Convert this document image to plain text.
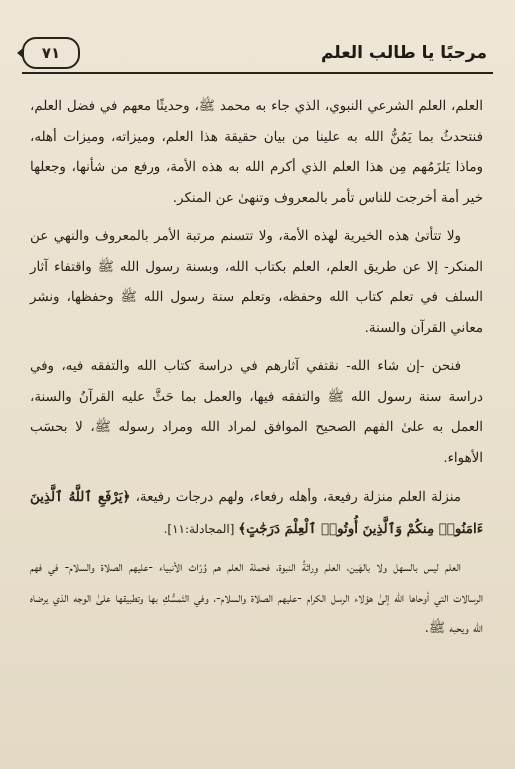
مرحبًا يا طالب العلم
٧١

العلم، العلم الشرعي النبوي، الذي جاء به محمد ﷺ، وحديثًا معهم في فضل العلم، فنتحدثُ بما يَمُنُّ الله به علينا من بيان حقيقة هذا العلم، وميزاته، وميزات أهله، وماذا يَلزَمُهم مِن هذا العلم الذي أكرم الله به هذه الأمة، ورفع من شأنها، وجعلها خير أمة أخرجت للناس تأمر بالمعروف وتنهىٰ عن المنكر.

ولا تتأتىٰ هذه الخيرية لهذه الأمة، ولا تتسنم مرتبة الأمر بالمعروف والنهي عن المنكر- إلا عن طريق العلم، العلم بكتاب الله، وبسنة رسول الله ﷺ واقتفاء آثار السلف في تعلم كتاب الله وحفظه، وتعلم سنة رسول الله ﷺ وحفظها، ونشر معاني القرآن والسنة.

فنحن -إن شاء الله- نقتفي آثارهم في دراسة كتاب الله والتفقه فيه، وفي دراسة سنة رسول الله ﷺ والتفقه فيها، والعمل بما حَثَّ عليه القرآنُ والسنة، العمل به علىٰ الفهم الصحيح الموافق لمراد الله ومراد رسوله ﷺ، لا بحسَب الأهواء.

منزلة العلم منزلة رفيعة، وأهله رفعاء، ولهم درجات رفيعة، ﴿يَرْفَعِ ٱللَّهُ ٱلَّذِينَ ءَامَنُوا۟ مِنكُمْ وَٱلَّذِينَ أُوتُوا۟ ٱلْعِلْمَ دَرَجَٰتٍ﴾ [المجادلة:١١].

العلم ليس بالسهل ولا بالهَين، العلم وِراثةُ النبوة، فحملة العلم هم وُرّاث الأنبياء -عليهم الصلاة والسلام- في فهم الرسالات التي أوحاها الله إلىٰ هؤلاء الرسل الكرام -عليهم الصلاة والسلام-، وفي التَمسُّكِ بها وتطبيقها علىٰ الوجه الذي يرضاه الله ويحبه ﷺ.
